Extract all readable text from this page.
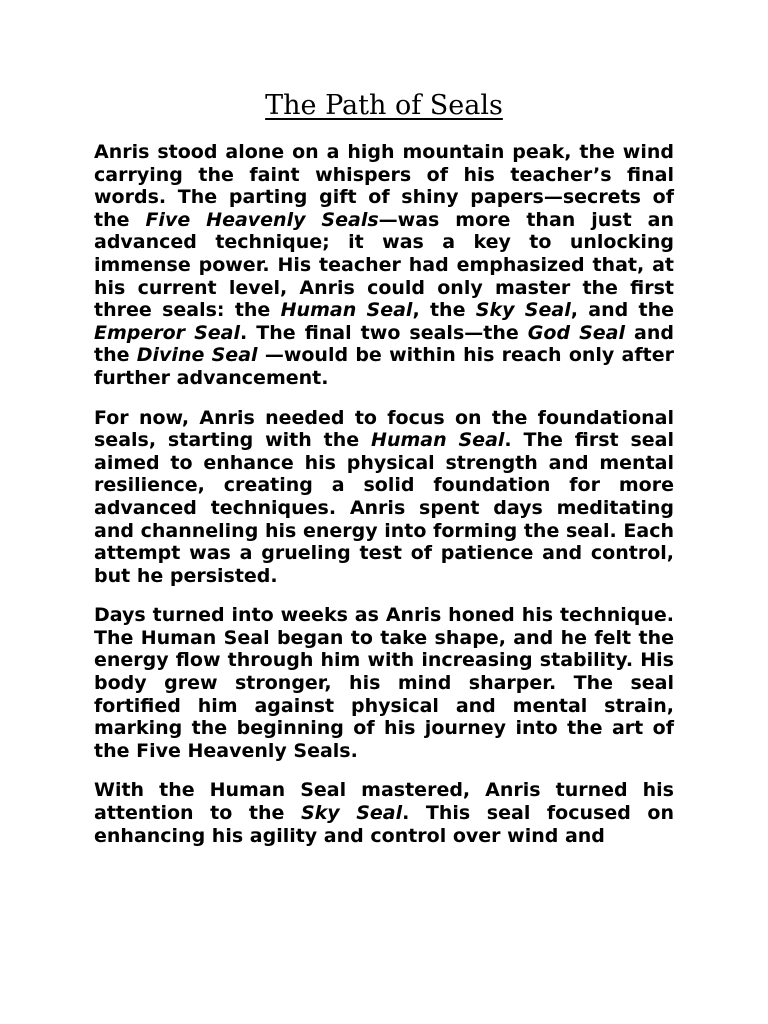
The Path of Seals

Anris stood alone on a high mountain peak, the wind carrying the faint whispers of his teacher’s final words. The parting gift of shiny papers—secrets of the Five Heavenly Seals—was more than just an advanced technique; it was a key to unlocking immense power. His teacher had emphasized that, at his current level, Anris could only master the first three seals: the Human Seal, the Sky Seal, and the Emperor Seal. The final two seals—the God Seal and the Divine Seal —would be within his reach only after further advancement.

For now, Anris needed to focus on the foundational seals, starting with the Human Seal. The first seal aimed to enhance his physical strength and mental resilience, creating a solid foundation for more advanced techniques. Anris spent days meditating and channeling his energy into forming the seal. Each attempt was a grueling test of patience and control, but he persisted.

Days turned into weeks as Anris honed his technique. The Human Seal began to take shape, and he felt the energy flow through him with increasing stability. His body grew stronger, his mind sharper. The seal fortified him against physical and mental strain, marking the beginning of his journey into the art of the Five Heavenly Seals.

With the Human Seal mastered, Anris turned his attention to the Sky Seal. This seal focused on enhancing his agility and control over wind and
